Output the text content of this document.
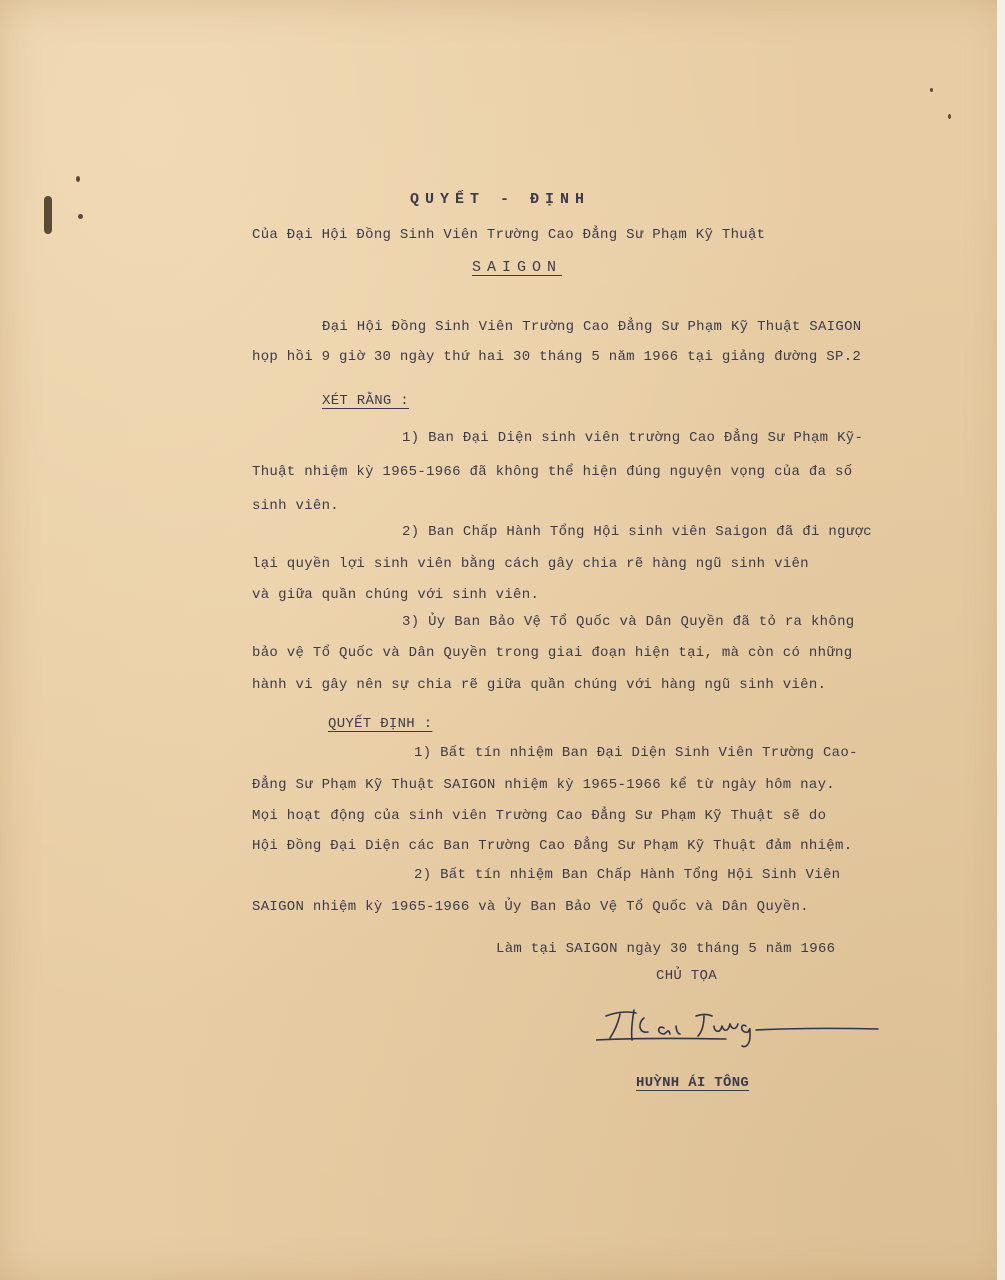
QUYẾT - ĐỊNH
Của Đại Hội Đồng Sinh Viên Trường Cao Đẳng Sư Phạm Kỹ Thuật
SAIGON
Đại Hội Đồng Sinh Viên Trường Cao Đẳng Sư Phạm Kỹ Thuật SAIGON
họp hồi 9 giờ 30 ngày thứ hai 30 tháng 5 năm 1966 tại giảng đường SP.2
XÉT RẰNG :
1) Ban Đại Diện sinh viên trường Cao Đẳng Sư Phạm Kỹ-
Thuật nhiệm kỳ 1965-1966 đã không thể hiện đúng nguyện vọng của đa số
sinh viên.
2) Ban Chấp Hành Tổng Hội sinh viên Saigon đã đi ngược
lại quyền lợi sinh viên bằng cách gây chia rẽ hàng ngũ sinh viên
và giữa quần chúng với sinh viên.
3) Ủy Ban Bảo Vệ Tổ Quốc và Dân Quyền đã tỏ ra không
bảo vệ Tổ Quốc và Dân Quyền trong giai đoạn hiện tại, mà còn có những
hành vi gây nên sự chia rẽ giữa quần chúng với hàng ngũ sinh viên.
QUYẾT ĐỊNH :
1) Bất tín nhiệm Ban Đại Diện Sinh Viên Trường Cao-
Đẳng Sư Phạm Kỹ Thuật SAIGON nhiệm kỳ 1965-1966 kể từ ngày hôm nay.
Mọi hoạt động của sinh viên Trường Cao Đẳng Sư Phạm Kỹ Thuật sẽ do
Hội Đồng Đại Diện các Ban Trường Cao Đẳng Sư Phạm Kỹ Thuật đảm nhiệm.
2) Bất tín nhiệm Ban Chấp Hành Tổng Hội Sinh Viên
SAIGON nhiệm kỳ 1965-1966 và Ủy Ban Bảo Vệ Tổ Quốc và Dân Quyền.
Làm tại SAIGON ngày 30 tháng 5 năm 1966
CHỦ TỌA
HUỲNH ÁI TÔNG
